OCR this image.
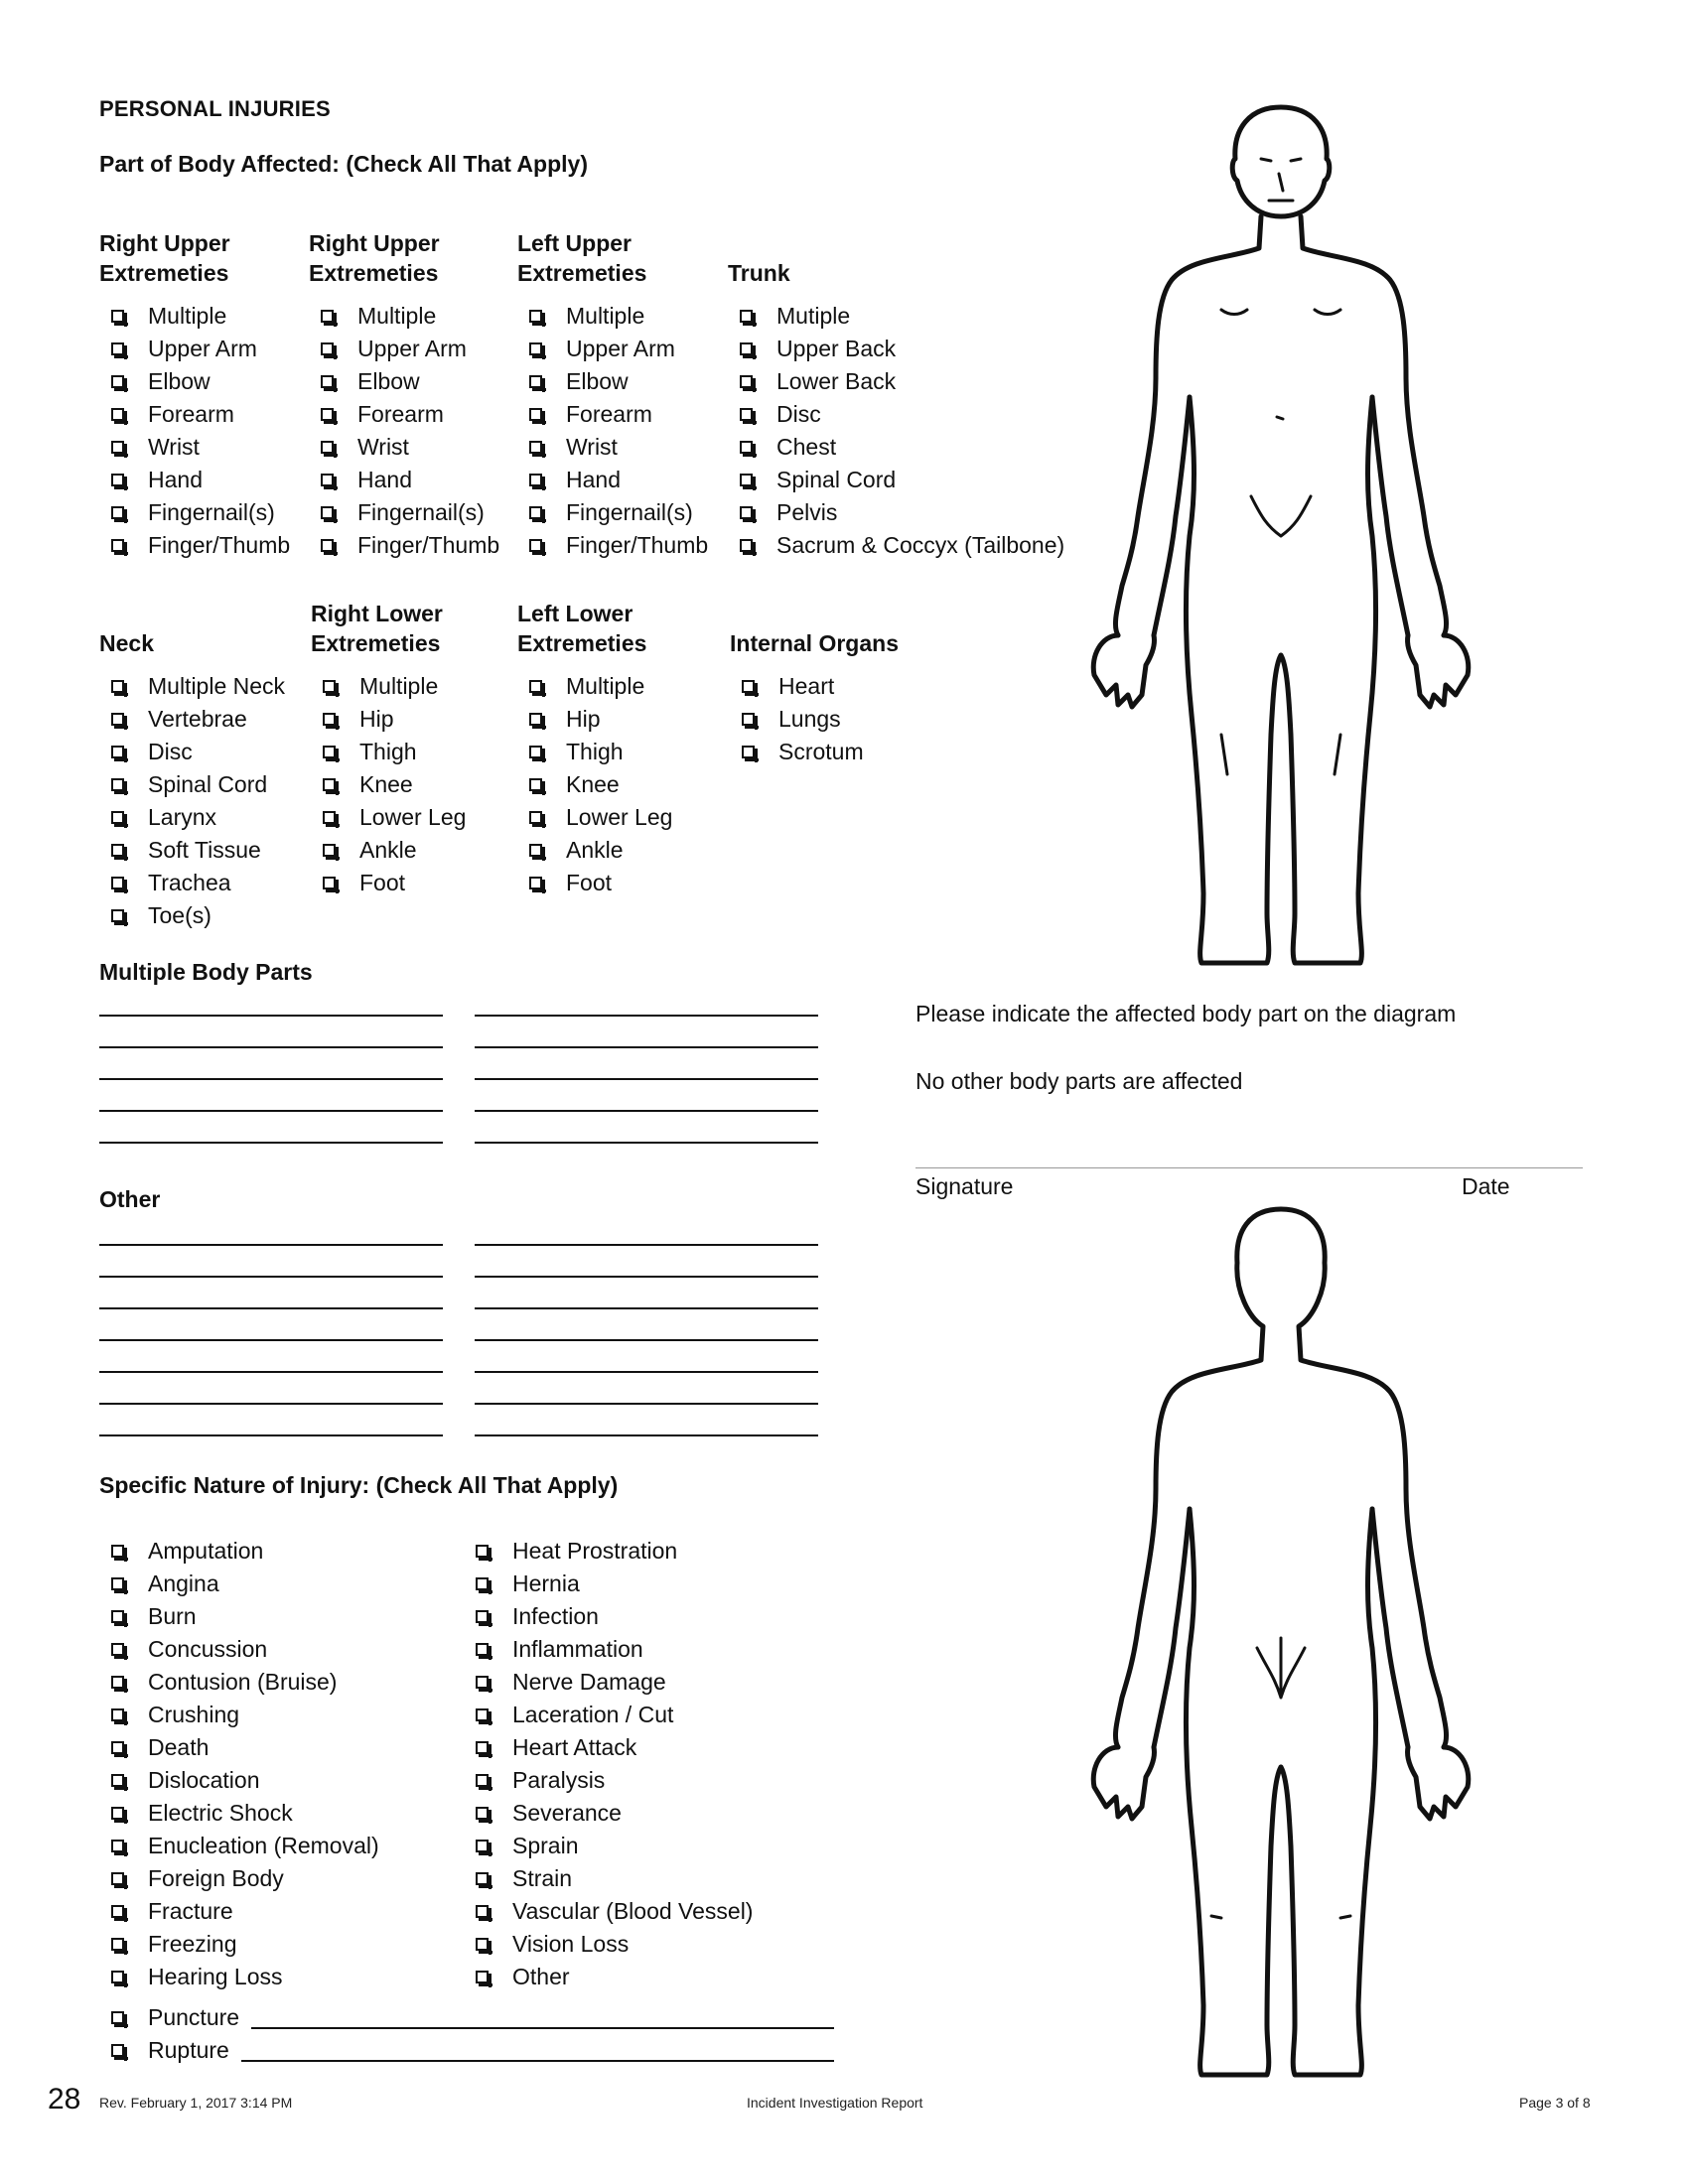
PERSONAL INJURIES
Part of Body Affected: (Check All That Apply)
Right Upper Extremeties
Multiple
Upper Arm
Elbow
Forearm
Wrist
Hand
Fingernail(s)
Finger/Thumb
Right Upper Extremeties
Multiple
Upper Arm
Elbow
Forearm
Wrist
Hand
Fingernail(s)
Finger/Thumb
Left Upper Extremeties
Multiple
Upper Arm
Elbow
Forearm
Wrist
Hand
Fingernail(s)
Finger/Thumb
Trunk
Mutiple
Upper Back
Lower Back
Disc
Chest
Spinal Cord
Pelvis
Sacrum & Coccyx (Tailbone)
Neck
Multiple Neck
Vertebrae
Disc
Spinal Cord
Larynx
Soft Tissue
Trachea
Toe(s)
Right Lower Extremeties
Multiple
Hip
Thigh
Knee
Lower Leg
Ankle
Foot
Left Lower Extremeties
Multiple
Hip
Thigh
Knee
Lower Leg
Ankle
Foot
Internal Organs
Heart
Lungs
Scrotum
Multiple Body Parts
Other
Specific Nature of Injury: (Check All That Apply)
Amputation
Angina
Burn
Concussion
Contusion (Bruise)
Crushing
Death
Dislocation
Electric Shock
Enucleation (Removal)
Foreign Body
Fracture
Freezing
Hearing Loss
Heat Prostration
Hernia
Infection
Inflammation
Nerve Damage
Laceration / Cut
Heart Attack
Paralysis
Severance
Sprain
Strain
Vascular (Blood Vessel)
Vision Loss
Other
Puncture
Rupture
Please indicate the affected body part on the diagram
No other body parts are affected
Signature	Date
28 Rev. February 1, 2017 3:14 PM	Incident Investigation Report	Page 3 of 8
